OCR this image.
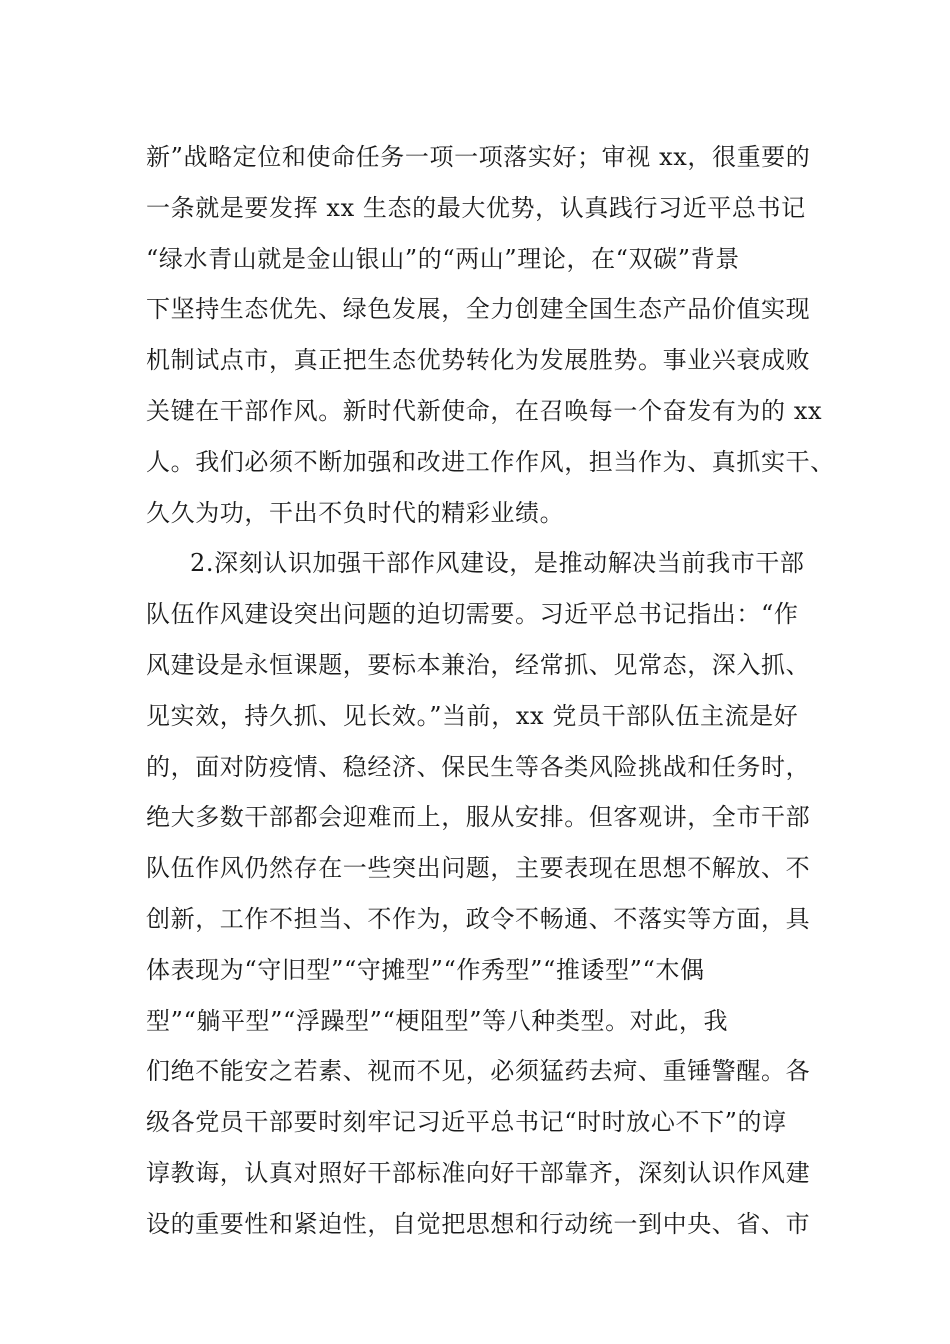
新”战略定位和使命任务一项一项落实好；审视 xx，很重要的
一条就是要发挥 xx 生态的最大优势，认真践行习近平总书记
“绿水青山就是金山银山”的“两山”理论，在“双碳”背景
下坚持生态优先、绿色发展，全力创建全国生态产品价值实现
机制试点市，真正把生态优势转化为发展胜势。事业兴衰成败
关键在干部作风。新时代新使命，在召唤每一个奋发有为的 xx
人。我们必须不断加强和改进工作作风，担当作为、真抓实干、
久久为功，干出不负时代的精彩业绩。
2.深刻认识加强干部作风建设，是推动解决当前我市干部
队伍作风建设突出问题的迫切需要。习近平总书记指出：“作
风建设是永恒课题，要标本兼治，经常抓、见常态，深入抓、
见实效，持久抓、见长效。”当前，xx 党员干部队伍主流是好
的，面对防疫情、稳经济、保民生等各类风险挑战和任务时，
绝大多数干部都会迎难而上，服从安排。但客观讲，全市干部
队伍作风仍然存在一些突出问题，主要表现在思想不解放、不
创新，工作不担当、不作为，政令不畅通、不落实等方面，具
体表现为“守旧型”“守摊型”“作秀型”“推诿型”“木偶
型”“躺平型”“浮躁型”“梗阻型”等八种类型。对此，我
们绝不能安之若素、视而不见，必须猛药去疴、重锤警醒。各
级各党员干部要时刻牢记习近平总书记“时时放心不下”的谆
谆教诲，认真对照好干部标准向好干部靠齐，深刻认识作风建
设的重要性和紧迫性，自觉把思想和行动统一到中央、省、市
